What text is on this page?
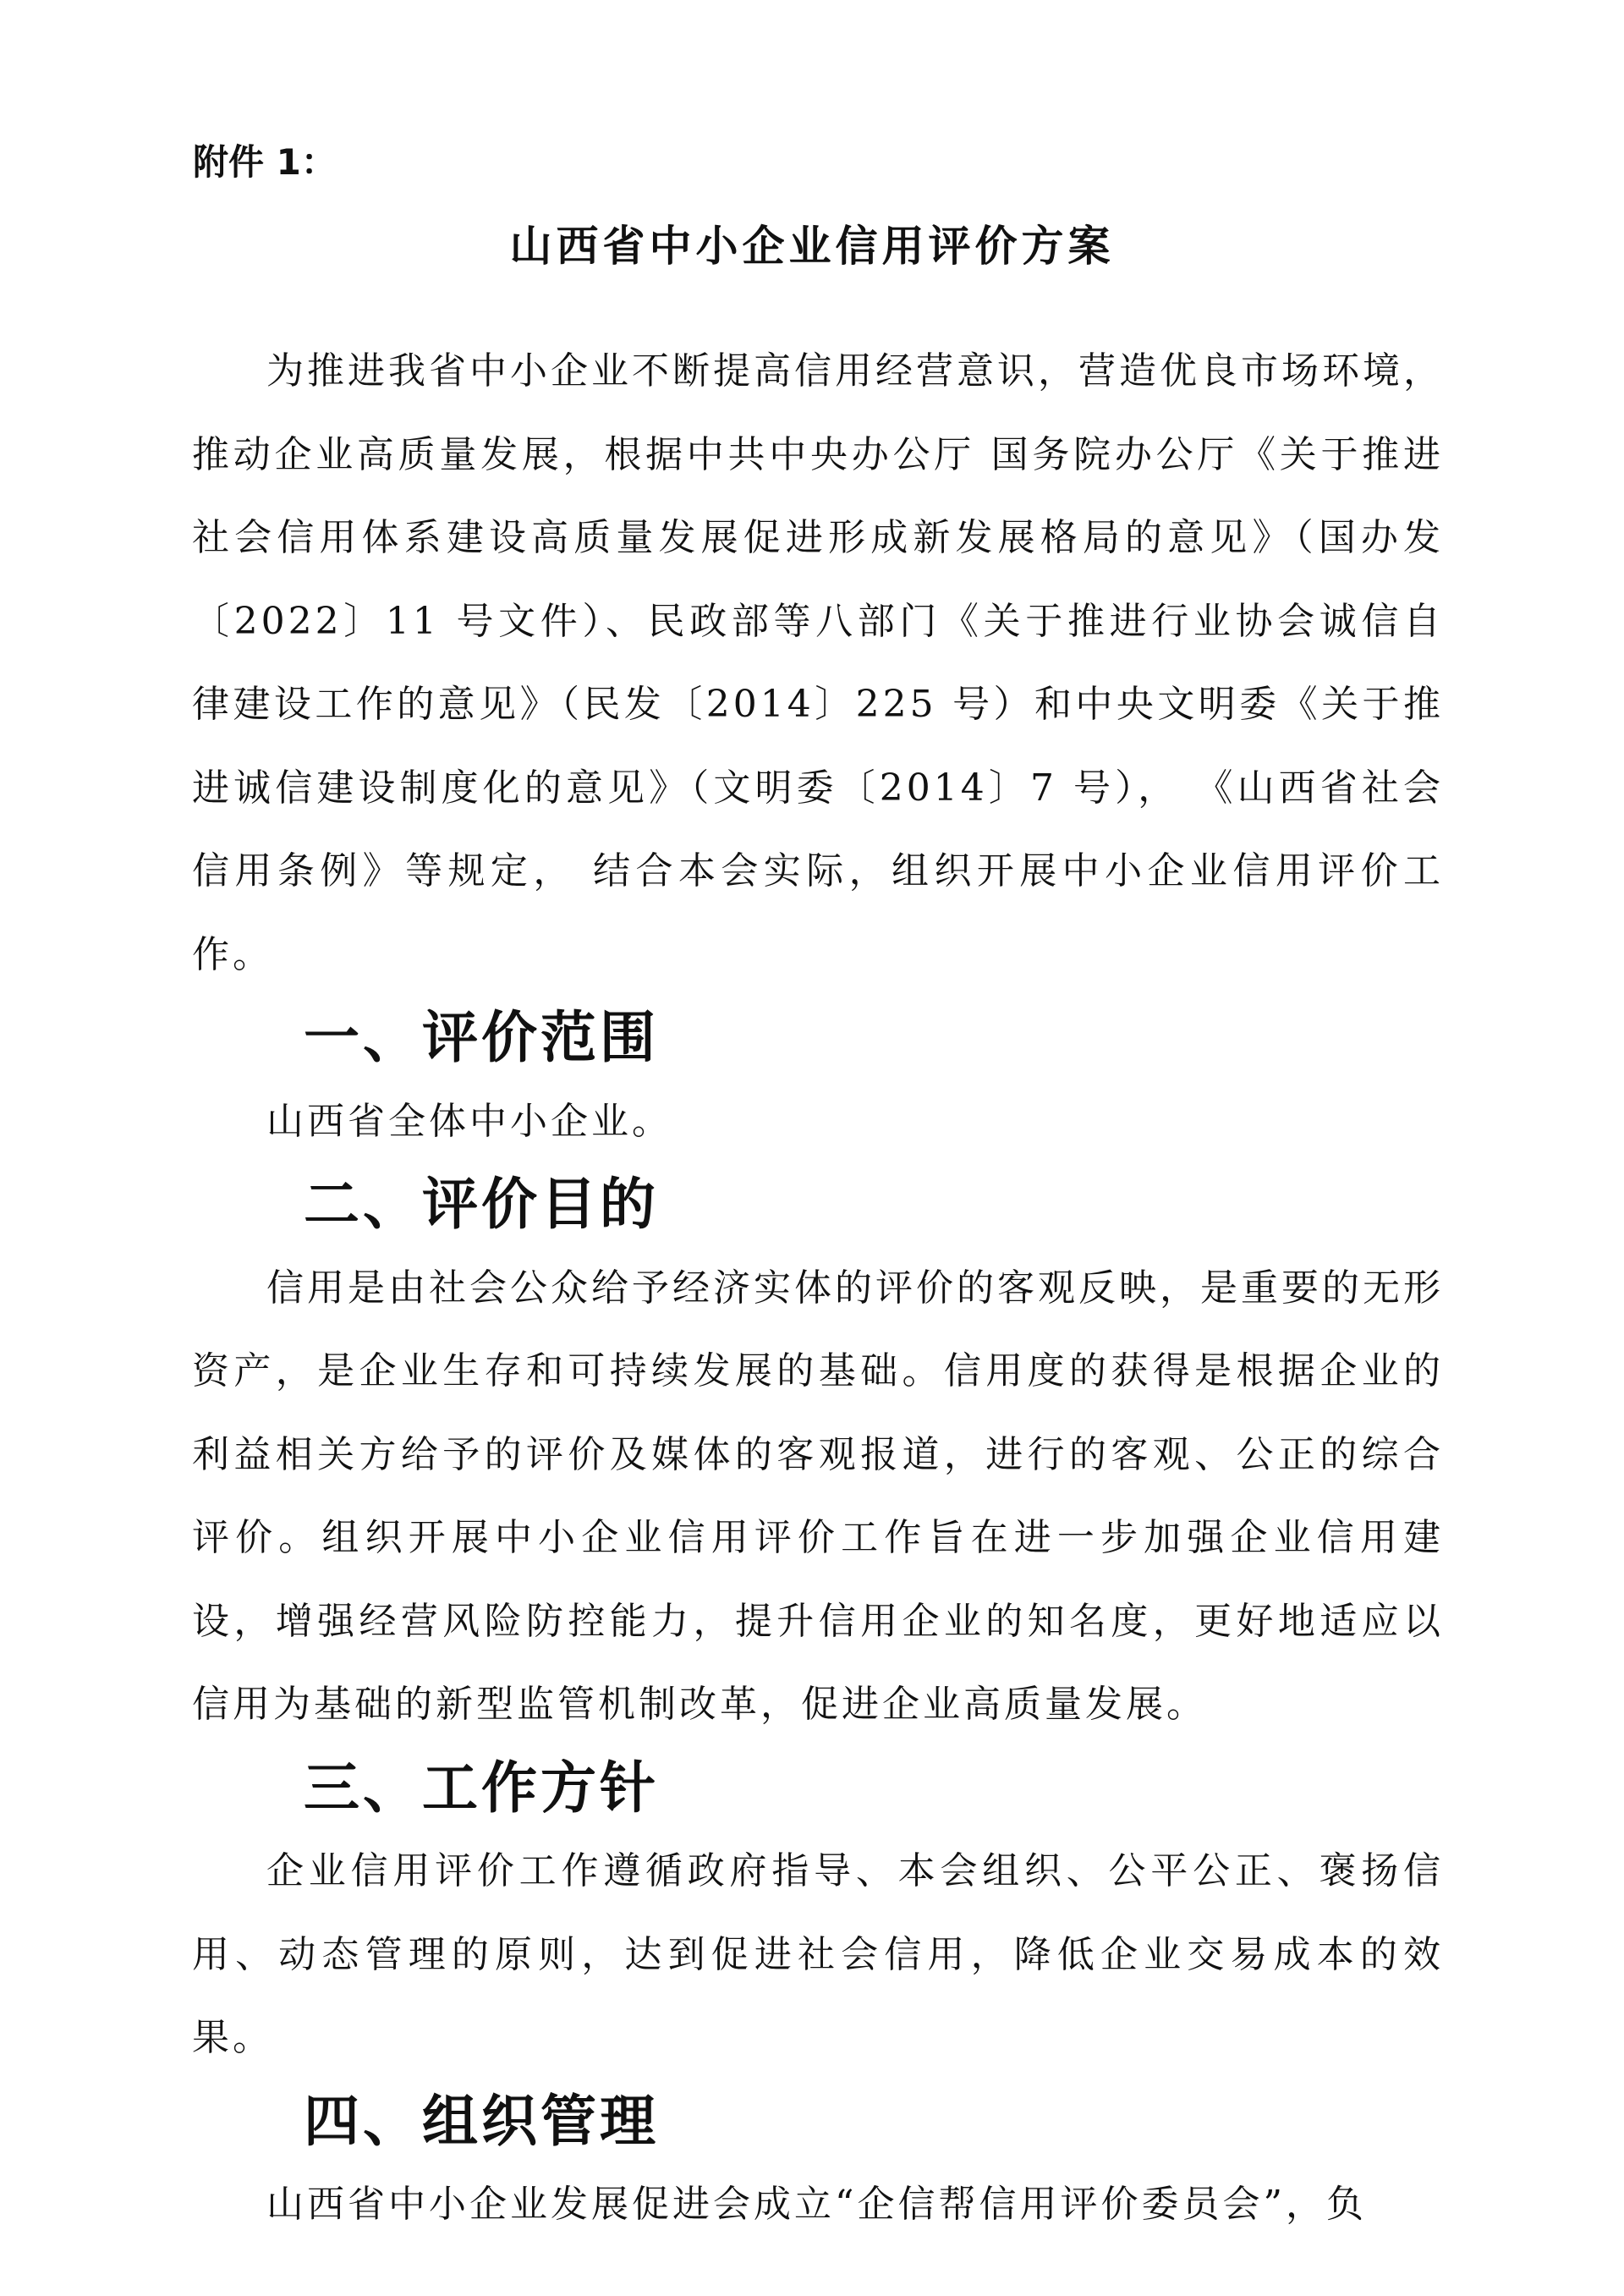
附件 1：

山西省中小企业信用评价方案

为推进我省中小企业不断提高信用经营意识，营造优良市场环境，推动企业高质量发展，根据中共中央办公厅 国务院办公厅《关于推进社会信用体系建设高质量发展促进形成新发展格局的意见》（国办发〔2022〕11 号文件）、民政部等八部门《关于推进行业协会诚信自律建设工作的意见》（民发〔2014〕225 号）和中央文明委《关于推进诚信建设制度化的意见》（文明委〔2014〕7 号）， 《山西省社会信用条例》等规定， 结合本会实际，组织开展中小企业信用评价工作。

一、评价范围

山西省全体中小企业。

二、评价目的

信用是由社会公众给予经济实体的评价的客观反映，是重要的无形资产，是企业生存和可持续发展的基础。信用度的获得是根据企业的利益相关方给予的评价及媒体的客观报道，进行的客观、公正的综合评价。组织开展中小企业信用评价工作旨在进一步加强企业信用建设，增强经营风险防控能力，提升信用企业的知名度，更好地适应以信用为基础的新型监管机制改革，促进企业高质量发展。

三、工作方针

企业信用评价工作遵循政府指导、本会组织、公平公正、褒扬信用、动态管理的原则，达到促进社会信用，降低企业交易成本的效果。

四、组织管理

山西省中小企业发展促进会成立“企信帮信用评价委员会”，负
